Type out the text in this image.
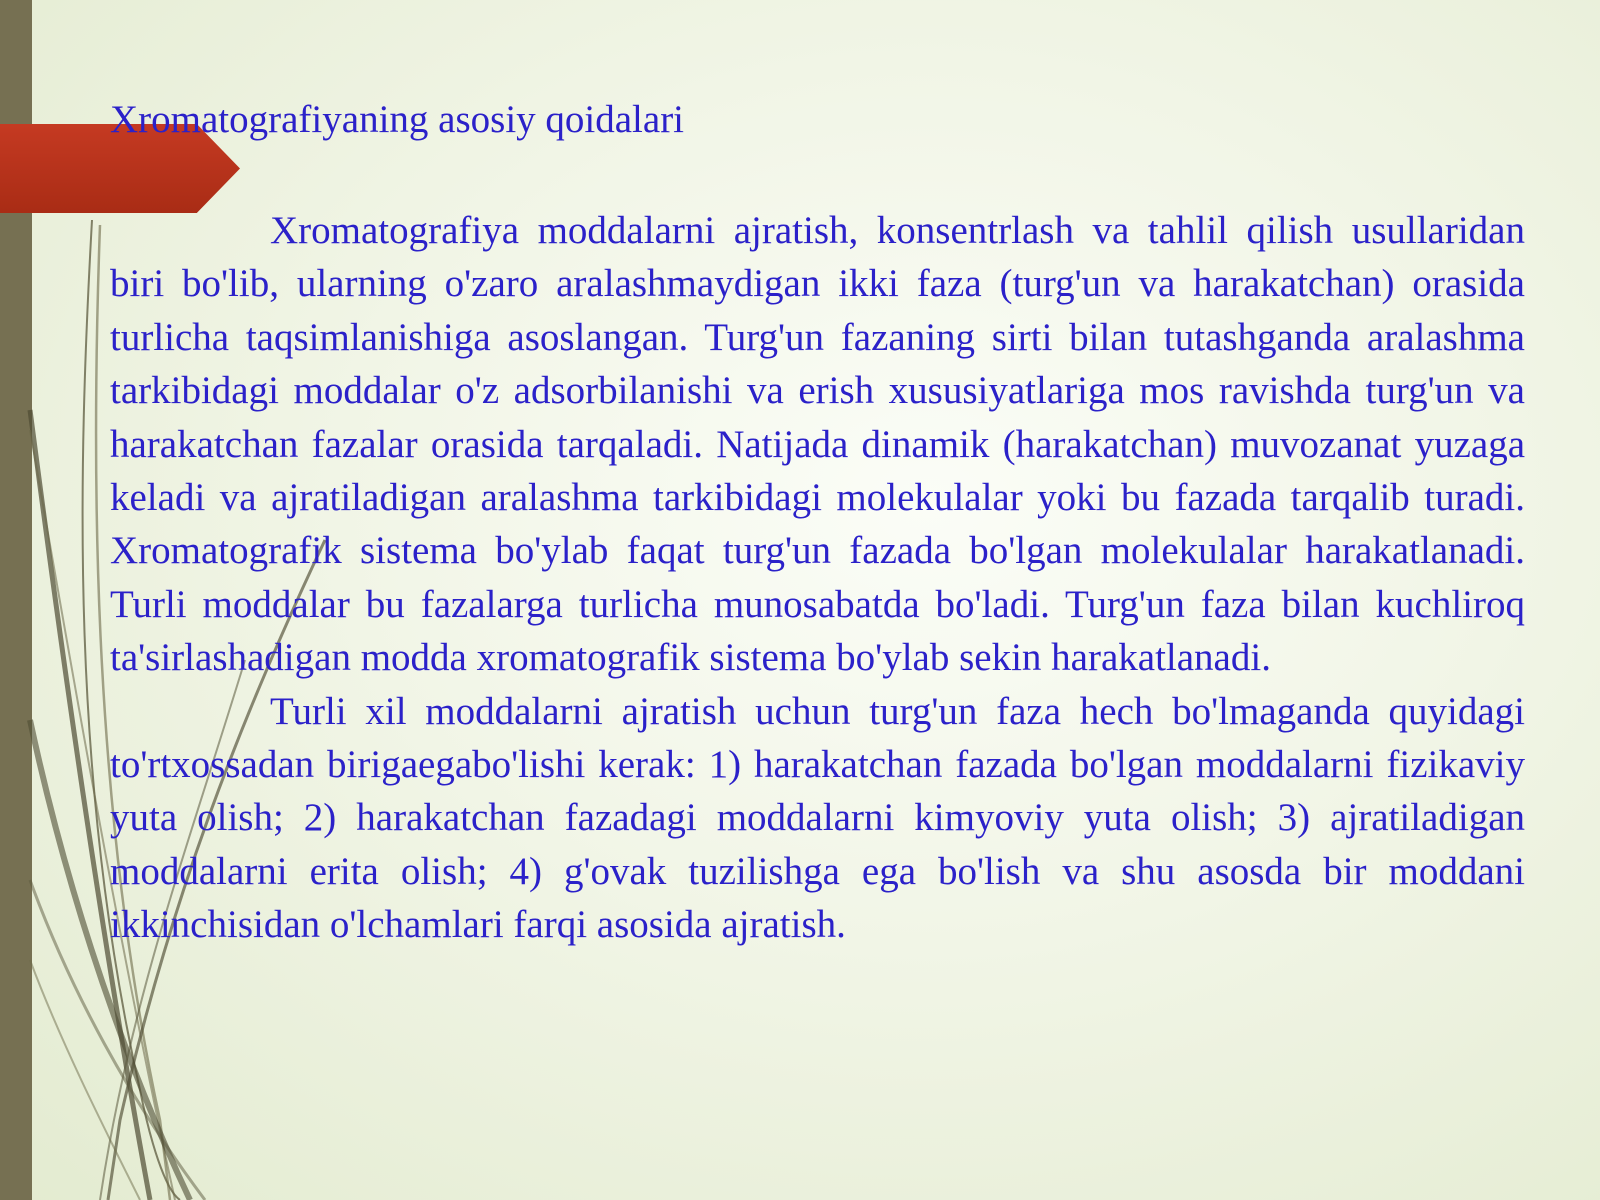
Xromatografiyaning asosiy qoidalari

Xromatografiya moddalarni ajratish, konsentrlash va tahlil qilish usullaridan biri bo'lib, ularning o'zaro aralashmaydigan ikki faza (turg'un va harakatchan) orasida turlicha taqsimlanishiga asoslangan. Turg'un fazaning sirti bilan tutashganda aralashma tarkibidagi moddalar o'z adsorbilanishi va erish xususiyatlariga mos ravishda turg'un va harakatchan fazalar orasida tarqaladi. Natijada dinamik (harakatchan) muvozanat yuzaga keladi va ajratiladigan aralashma tarkibidagi molekulalar yoki bu fazada tarqalib turadi. Xromatografik sistema bo'ylab faqat turg'un fazada bo'lgan molekulalar harakatlanadi. Turli moddalar bu fazalarga turlicha munosabatda bo'ladi. Turg'un faza bilan kuchliroq ta'sirlashadigan modda xromatografik sistema bo'ylab sekin harakatlanadi.

Turli xil moddalarni ajratish uchun turg'un faza hech bo'lmaganda quyidagi to'rtxossadan birigaegabo'lishi kerak: 1) harakatchan fazada bo'lgan moddalarni fizikaviy yuta olish; 2) harakatchan fazadagi moddalarni kimyoviy yuta olish; 3) ajratiladigan moddalarni erita olish; 4) g'ovak tuzilishga ega bo'lish va shu asosda bir moddani ikkinchisidan o'lchamlari farqi asosida ajratish.
